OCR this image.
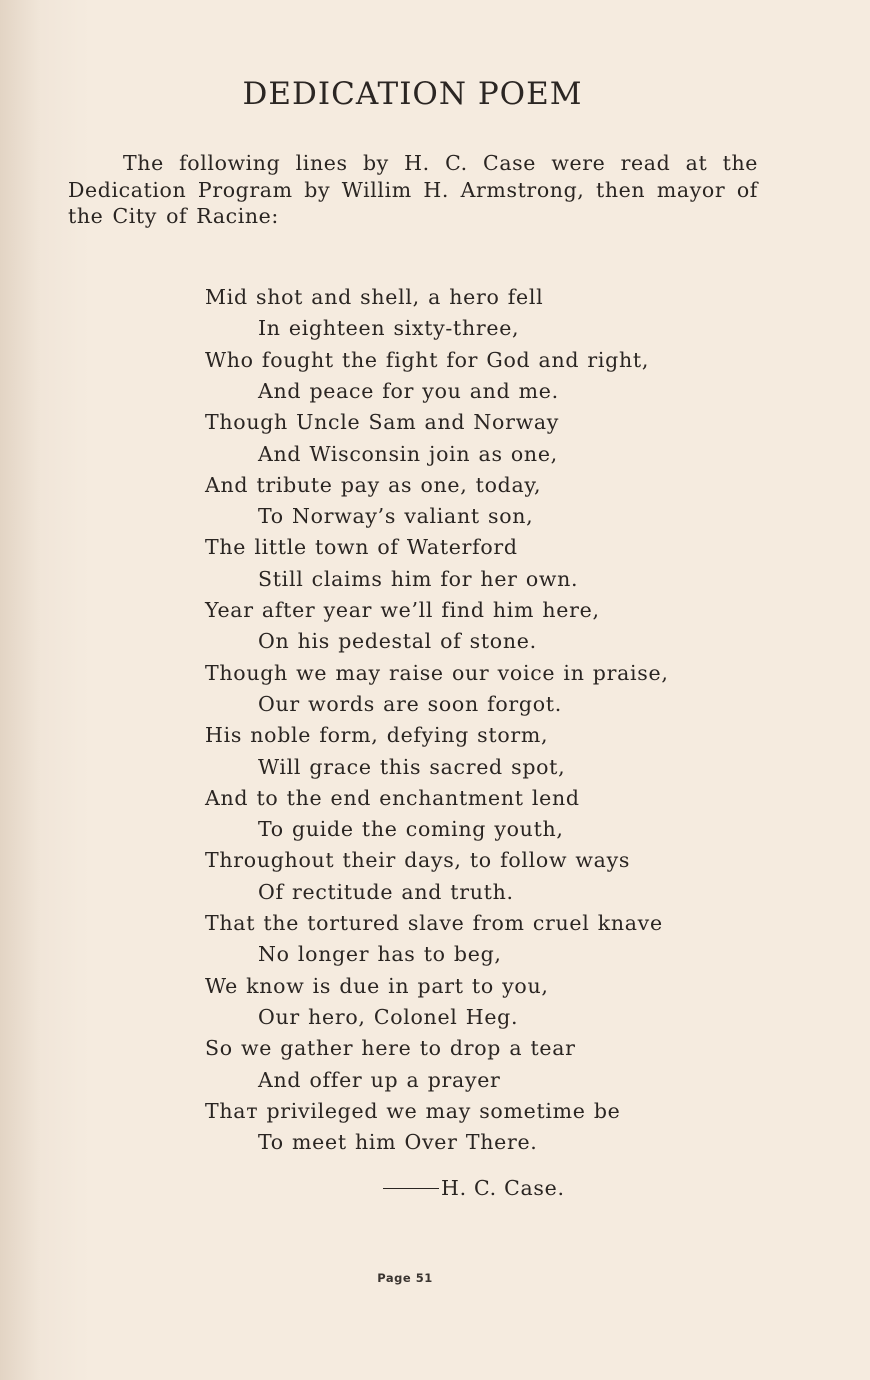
DEDICATION POEM
The following lines by H. C. Case were read at the Dedication Program by Willim H. Armstrong, then mayor of the City of Racine:
Mid shot and shell, a hero fell
In eighteen sixty-three,
Who fought the fight for God and right,
And peace for you and me.
Though Uncle Sam and Norway
And Wisconsin join as one,
And tribute pay as one, today,
To Norway’s valiant son,
The little town of Waterford
Still claims him for her own.
Year after year we’ll find him here,
On his pedestal of stone.
Though we may raise our voice in praise,
Our words are soon forgot.
His noble form, defying storm,
Will grace this sacred spot,
And to the end enchantment lend
To guide the coming youth,
Throughout their days, to follow ways
Of rectitude and truth.
That the tortured slave from cruel knave
No longer has to beg,
We know is due in part to you,
Our hero, Colonel Heg.
So we gather here to drop a tear
And offer up a prayer
Thaт privileged we may sometime be
To meet him Over There.
H. C. Case.
Page 51
